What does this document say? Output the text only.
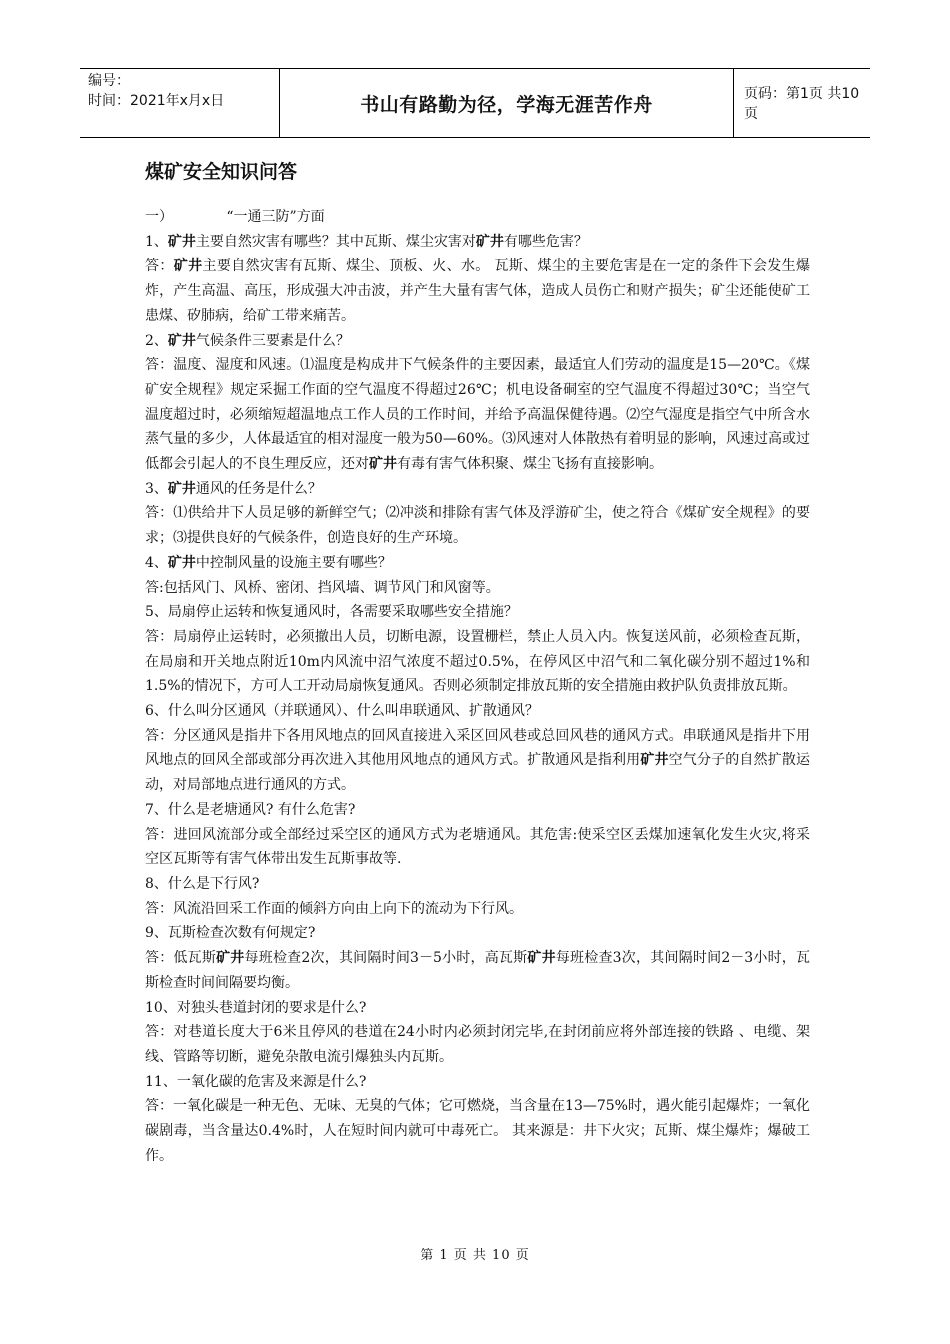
编号：
时间：2021年x月x日	书山有路勤为径，学海无涯苦作舟	页码：第1页 共10页
煤矿安全知识问答

一）            “一通三防”方面

1、矿井主要自然灾害有哪些？其中瓦斯、煤尘灾害对矿井有哪些危害？

答：矿井主要自然灾害有瓦斯、煤尘、顶板、火、水。 瓦斯、煤尘的主要危害是在一定的条件下会发生爆炸，产生高温、高压，形成强大冲击波，并产生大量有害气体，造成人员伤亡和财产损失；矿尘还能使矿工患煤、矽肺病，给矿工带来痛苦。

2、矿井气候条件三要素是什么？

答：温度、湿度和风速。⑴温度是构成井下气候条件的主要因素，最适宜人们劳动的温度是15—20℃。《煤矿安全规程》规定采掘工作面的空气温度不得超过26℃；机电设备硐室的空气温度不得超过30℃；当空气温度超过时，必须缩短超温地点工作人员的工作时间，并给予高温保健待遇。⑵空气湿度是指空气中所含水蒸气量的多少，人体最适宜的相对湿度一般为50—60%。⑶风速对人体散热有着明显的影响，风速过高或过低都会引起人的不良生理反应，还对矿井有毒有害气体积聚、煤尘飞扬有直接影响。

3、矿井通风的任务是什么？

答：⑴供给井下人员足够的新鲜空气；⑵冲淡和排除有害气体及浮游矿尘，使之符合《煤矿安全规程》的要求；⑶提供良好的气候条件，创造良好的生产环境。

4、矿井中控制风量的设施主要有哪些？

答:包括风门、风桥、密闭、挡风墙、调节风门和风窗等。

5、局扇停止运转和恢复通风时，各需要采取哪些安全措施？

答：局扇停止运转时，必须撤出人员，切断电源，设置栅栏，禁止人员入内。恢复送风前，必须检查瓦斯，在局扇和开关地点附近10m内风流中沼气浓度不超过0.5%，在停风区中沼气和二氧化碳分别不超过1%和1.5%的情况下，方可人工开动局扇恢复通风。否则必须制定排放瓦斯的安全措施由救护队负责排放瓦斯。

6、什么叫分区通风（并联通风）、什么叫串联通风、扩散通风？

答：分区通风是指井下各用风地点的回风直接进入采区回风巷或总回风巷的通风方式。串联通风是指井下用风地点的回风全部或部分再次进入其他用风地点的通风方式。扩散通风是指利用矿井空气分子的自然扩散运动，对局部地点进行通风的方式。

7、什么是老塘通风? 有什么危害?

答：进回风流部分或全部经过采空区的通风方式为老塘通风。其危害:使采空区丢煤加速氧化发生火灾,将采空区瓦斯等有害气体带出发生瓦斯事故等.

8、什么是下行风?

答：风流沿回采工作面的倾斜方向由上向下的流动为下行风。

9、瓦斯检查次数有何规定?

答：低瓦斯矿井每班检查2次，其间隔时间3－5小时，高瓦斯矿井每班检查3次，其间隔时间2－3小时，瓦斯检查时间间隔要均衡。

10、对独头巷道封闭的要求是什么?

答：对巷道长度大于6米且停风的巷道在24小时内必须封闭完毕,在封闭前应将外部连接的铁路 、电缆、架线、管路等切断，避免杂散电流引爆独头内瓦斯。

11、一氧化碳的危害及来源是什么?

答：一氧化碳是一种无色、无味、无臭的气体；它可燃烧，当含量在13—75%时，遇火能引起爆炸；一氧化碳剧毒，当含量达0.4%时，人在短时间内就可中毒死亡。 其来源是：井下火灾；瓦斯、煤尘爆炸；爆破工作。

第 1 页 共 10 页
